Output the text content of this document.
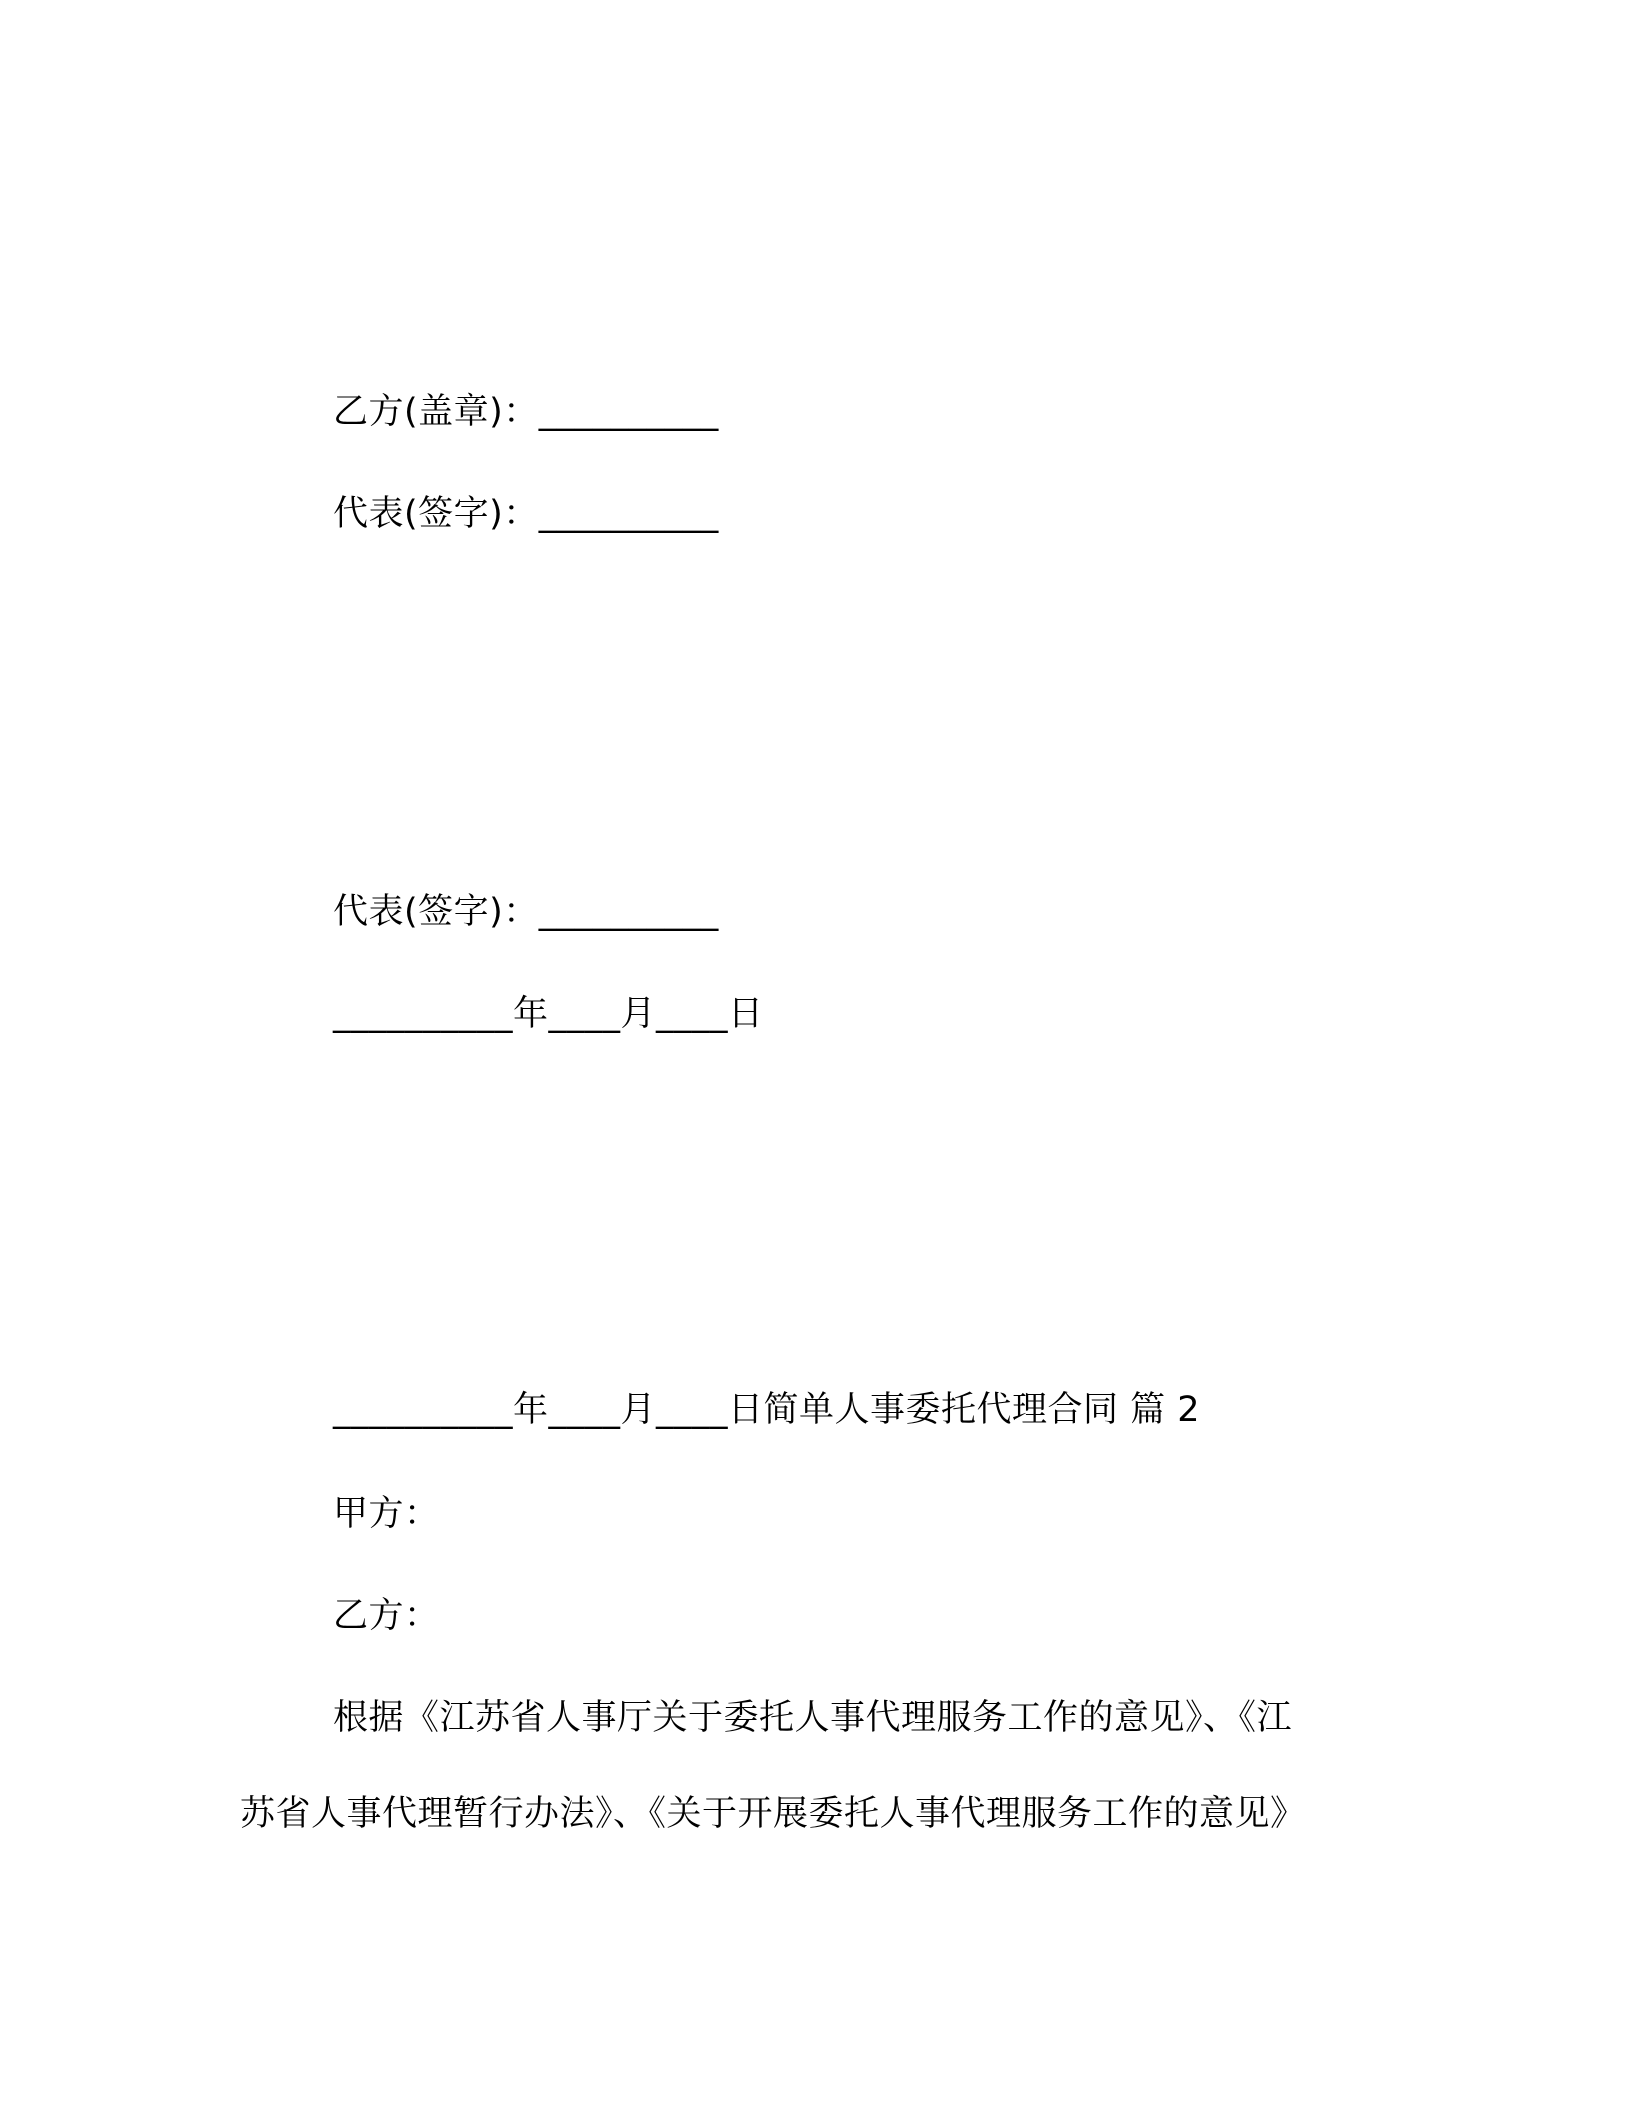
乙方(盖章)：__________
代表(签字)：__________
代表(签字)：__________
__________年____月____日
__________年____月____日简单人事委托代理合同 篇 2
甲方：
乙方：
根据《江苏省人事厅关于委托人事代理服务工作的意见》、《江
苏省人事代理暂行办法》、《关于开展委托人事代理服务工作的意见》
